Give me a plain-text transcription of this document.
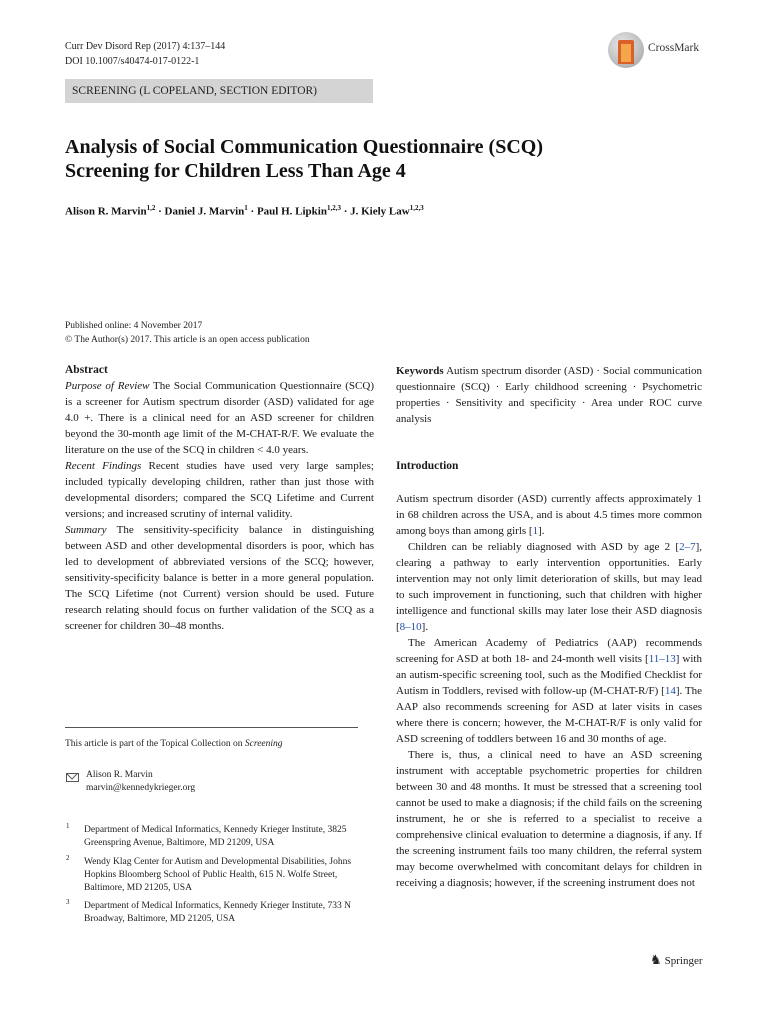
Curr Dev Disord Rep (2017) 4:137–144
DOI 10.1007/s40474-017-0122-1
CrossMark
SCREENING (L COPELAND, SECTION EDITOR)
Analysis of Social Communication Questionnaire (SCQ)
Screening for Children Less Than Age 4
Alison R. Marvin$^{1,2}$ · Daniel J. Marvin$^1$ · Paul H. Lipkin$^{1,2,3}$ · J. Kiely Law$^{1,2,3}$
Published online: 4 November 2017
© The Author(s) 2017. This article is an open access publication
Abstract
Purpose of Review The Social Communication Questionnaire (SCQ) is a screener for Autism spectrum disorder (ASD) validated for age 4.0 +. There is a clinical need for an ASD screener for children beyond the 30-month age limit of the M-CHAT-R/F. We evaluate the literature on the use of the SCQ in children < 4.0 years.
Recent Findings Recent studies have used very large samples; included typically developing children, rather than just those with developmental disorders; compared the SCQ Lifetime and Current versions; and increased scrutiny of internal validity.
Summary The sensitivity-specificity balance in distinguishing between ASD and other developmental disorders is poor, which has led to development of abbreviated versions of the SCQ; however, sensitivity-specificity balance is better in a more general population. The SCQ Lifetime (not Current) version should be used. Future research relating should focus on further validation of the SCQ as a screener for children 30–48 months.
This article is part of the Topical Collection on Screening
Alison R. Marvin
marvin@kennedykrieger.org
1 Department of Medical Informatics, Kennedy Krieger Institute, 3825 Greenspring Avenue, Baltimore, MD 21209, USA
2 Wendy Klag Center for Autism and Developmental Disabilities, Johns Hopkins Bloomberg School of Public Health, 615 N. Wolfe Street, Baltimore, MD 21205, USA
3 Department of Medical Informatics, Kennedy Krieger Institute, 733 N Broadway, Baltimore, MD 21205, USA
Keywords Autism spectrum disorder (ASD) · Social communication questionnaire (SCQ) · Early childhood screening · Psychometric properties · Sensitivity and specificity · Area under ROC curve analysis
Introduction
Autism spectrum disorder (ASD) currently affects approximately 1 in 68 children across the USA, and is about 4.5 times more common among boys than among girls [1].
Children can be reliably diagnosed with ASD by age 2 [2–7], clearing a pathway to early intervention opportunities. Early intervention may not only limit deterioration of skills, but may lead to such improvement in functioning, such that children with higher intelligence and functional skills may later lose their ASD diagnosis [8–10].
The American Academy of Pediatrics (AAP) recommends screening for ASD at both 18- and 24-month well visits [11–13] with an autism-specific screening tool, such as the Modified Checklist for Autism in Toddlers, revised with follow-up (M-CHAT-R/F) [14]. The AAP also recommends screening for ASD at later visits in cases where there is concern; however, the M-CHAT-R/F is only valid for ASD screening of toddlers between 16 and 30 months of age.
There is, thus, a clinical need to have an ASD screening instrument with acceptable psychometric properties for children between 30 and 48 months. It must be stressed that a screening tool cannot be used to make a diagnosis; if the child fails on the screening instrument, he or she is referred to a specialist to receive a comprehensive clinical evaluation to determine a diagnosis, if any. If the screening instrument fails too many children, the referral system may become overwhelmed with concomitant delays for children in receiving a diagnosis; however, if the screening instrument does not
♞ Springer
